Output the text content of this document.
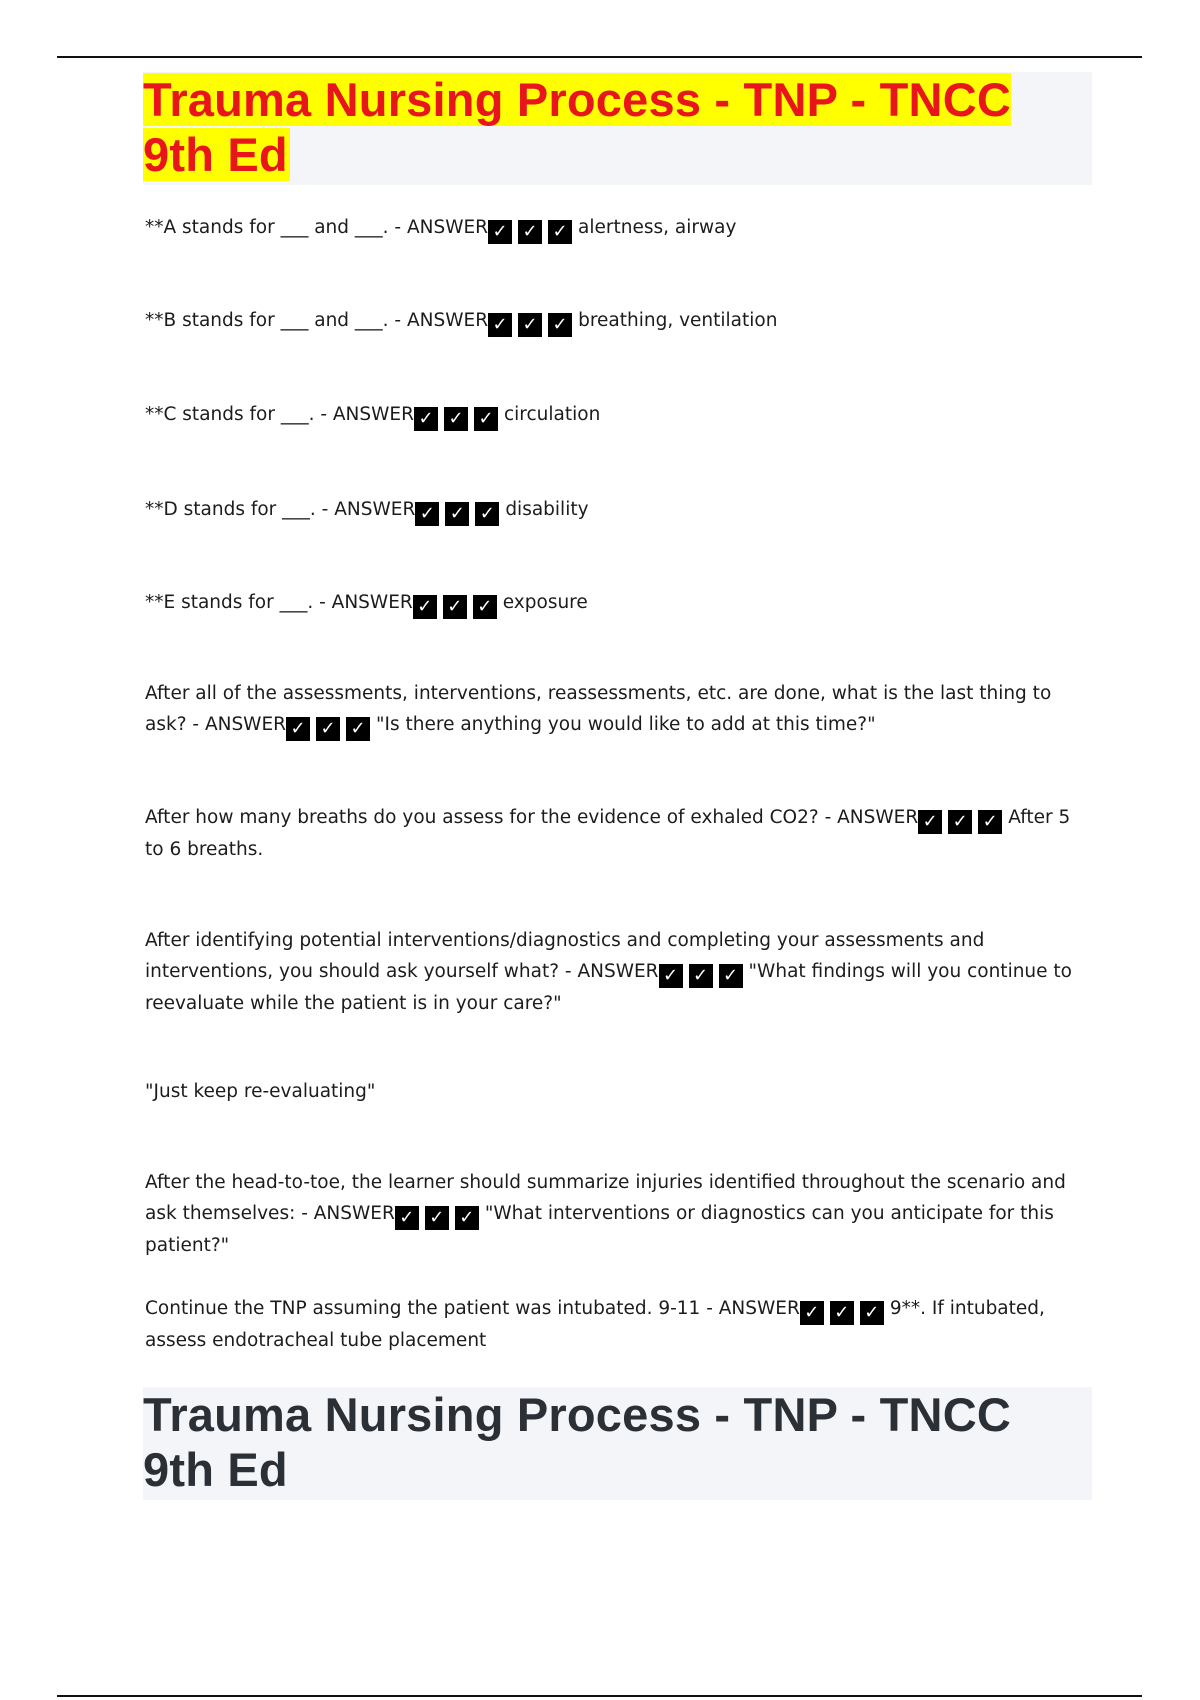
Trauma Nursing Process - TNP - TNCC 9th Ed
**A stands for ___ and ___. - ANSWER ✓ ✓ ✓ alertness, airway
**B stands for ___ and ___. - ANSWER ✓ ✓ ✓ breathing, ventilation
**C stands for ___. - ANSWER ✓ ✓ ✓ circulation
**D stands for ___. - ANSWER ✓ ✓ ✓ disability
**E stands for ___. - ANSWER ✓ ✓ ✓ exposure
After all of the assessments, interventions, reassessments, etc. are done, what is the last thing to ask? - ANSWER ✓ ✓ ✓ "Is there anything you would like to add at this time?"
After how many breaths do you assess for the evidence of exhaled CO2? - ANSWER ✓ ✓ ✓ After 5 to 6 breaths.
After identifying potential interventions/diagnostics and completing your assessments and interventions, you should ask yourself what? - ANSWER ✓ ✓ ✓ "What findings will you continue to reevaluate while the patient is in your care?"
"Just keep re-evaluating"
After the head-to-toe, the learner should summarize injuries identified throughout the scenario and ask themselves: - ANSWER ✓ ✓ ✓ "What interventions or diagnostics can you anticipate for this patient?"
Continue the TNP assuming the patient was intubated. 9-11 - ANSWER ✓ ✓ ✓ 9**. If intubated, assess endotracheal tube placement
Trauma Nursing Process - TNP - TNCC 9th Ed
